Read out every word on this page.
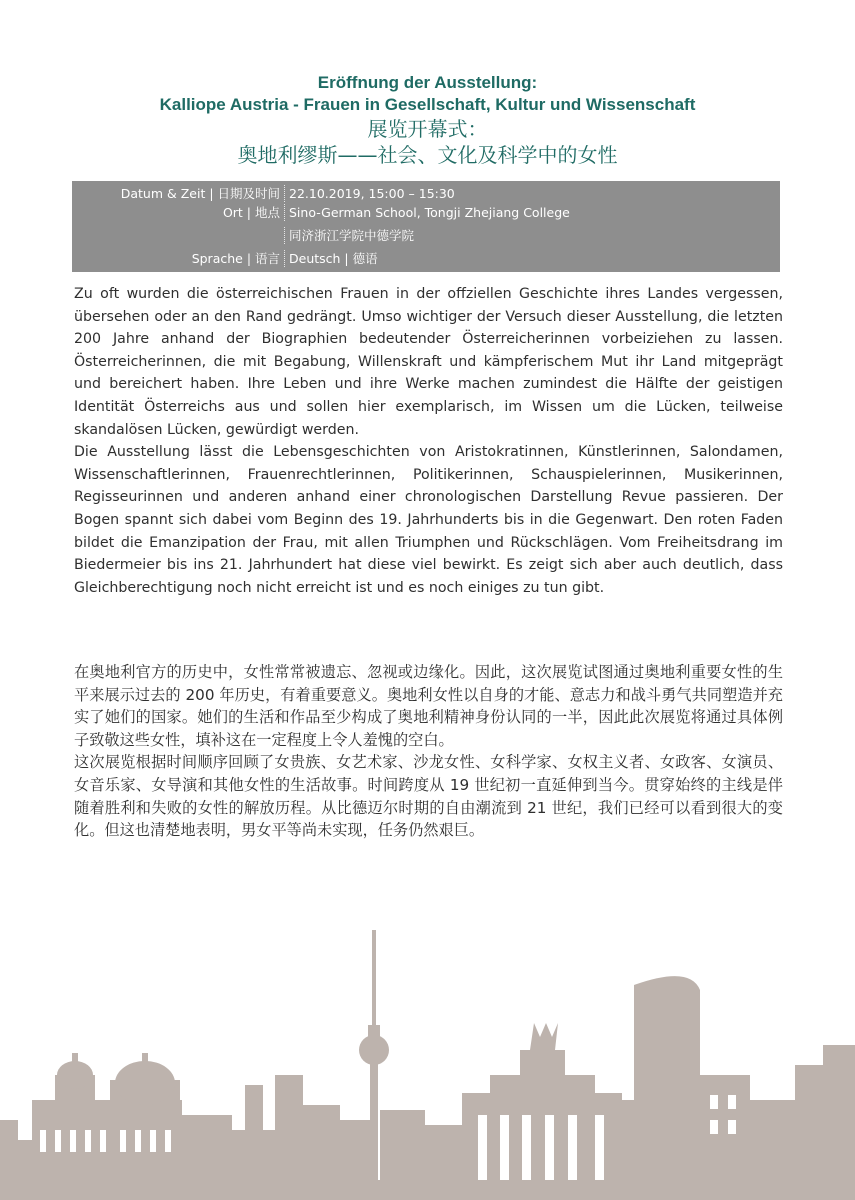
Eröffnung der Ausstellung:

Kalliope Austria - Frauen in Gesellschaft, Kultur und Wissenschaft

展览开幕式：

奥地利缪斯——社会、文化及科学中的女性

Datum & Zeit | 日期及时间 22.10.2019, 15:00 – 15:30
Ort | 地点 Sino-German School, Tongji Zhejiang College
同济浙江学院中德学院
Sprache | 语言 Deutsch | 德语

Zu oft wurden die österreichischen Frauen in der offziellen Geschichte ihres Landes vergessen, übersehen oder an den Rand gedrängt. Umso wichtiger der Versuch dieser Ausstellung, die letzten 200 Jahre anhand der Biographien bedeutender Österreicherinnen vorbeiziehen zu lassen. Österreicherinnen, die mit Begabung, Willenskraft und kämpferischem Mut ihr Land mitgeprägt und bereichert haben. Ihre Leben und ihre Werke machen zumindest die Hälfte der geistigen Identität Österreichs aus und sollen hier exemplarisch, im Wissen um die Lücken, teilweise skandalösen Lücken, gewürdigt werden.

Die Ausstellung lässt die Lebensgeschichten von Aristokratinnen, Künstlerinnen, Salondamen, Wissenschaftlerinnen, Frauenrechtlerinnen, Politikerinnen, Schauspielerinnen, Musikerinnen, Regisseurinnen und anderen anhand einer chronologischen Darstellung Revue passieren. Der Bogen spannt sich dabei vom Beginn des 19. Jahrhunderts bis in die Gegenwart. Den roten Faden bildet die Emanzipation der Frau, mit allen Triumphen und Rückschlägen. Vom Freiheitsdrang im Biedermeier bis ins 21. Jahrhundert hat diese viel bewirkt. Es zeigt sich aber auch deutlich, dass Gleichberechtigung noch nicht erreicht ist und es noch einiges zu tun gibt.

在奥地利官方的历史中，女性常常被遗忘、忽视或边缘化。因此，这次展览试图通过奥地利重要女性的生平来展示过去的 200 年历史，有着重要意义。奥地利女性以自身的才能、意志力和战斗勇气共同塑造并充实了她们的国家。她们的生活和作品至少构成了奥地利精神身份认同的一半，因此此次展览将通过具体例子致敬这些女性，填补这在一定程度上令人羞愧的空白。

这次展览根据时间顺序回顾了女贵族、女艺术家、沙龙女性、女科学家、女权主义者、女政客、女演员、女音乐家、女导演和其他女性的生活故事。时间跨度从 19 世纪初一直延伸到当今。贯穿始终的主线是伴随着胜利和失败的女性的解放历程。从比德迈尔时期的自由潮流到 21 世纪，我们已经可以看到很大的变化。但这也清楚地表明，男女平等尚未实现，任务仍然艰巨。
